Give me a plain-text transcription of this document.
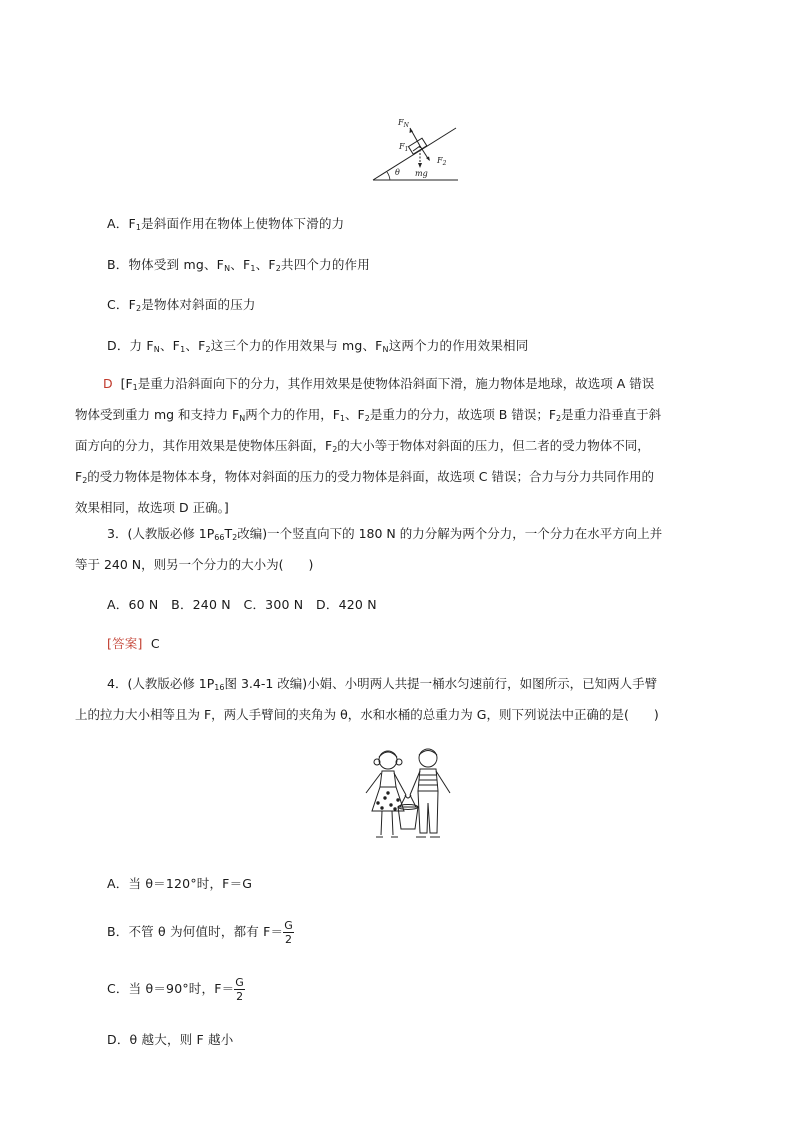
$F_N$
$F_1$
$F_2$
mg
θ
A．$F_1$是斜面作用在物体上使物体下滑的力
B．物体受到 mg、$F_N$、$F_1$、$F_2$共四个力的作用
C．$F_2$是物体对斜面的压力
D．力 $F_N$、$F_1$、$F_2$这三个力的作用效果与 mg、$F_N$这两个力的作用效果相同
D [$F_1$是重力沿斜面向下的分力，其作用效果是使物体沿斜面下滑，施力物体是地球，故选项 A 错误
物体受到重力 mg 和支持力 $F_N$两个力的作用，$F_1$、$F_2$是重力的分力，故选项 B 错误；$F_2$是重力沿垂直于斜
面方向的分力，其作用效果是使物体压斜面，$F_2$的大小等于物体对斜面的压力，但二者的受力物体不同，
$F_2$的受力物体是物体本身，物体对斜面的压力的受力物体是斜面，故选项 C 错误；合力与分力共同作用的
效果相同，故选项 D 正确。]
3．(人教版必修 $1P_{66}T_2$改编)一个竖直向下的 180 N 的力分解为两个分力，一个分力在水平方向上并
等于 240 N，则另一个分力的大小为(　　)
A．60 N　B．240 N　C．300 N　D．420 N
[答案] C
4．(人教版必修 $1P_{16}$图 3.4-1 改编)小娟、小明两人共提一桶水匀速前行，如图所示，已知两人手臂
上的拉力大小相等且为 F，两人手臂间的夹角为 θ，水和水桶的总重力为 G，则下列说法中正确的是(　　)
A．当 θ＝120°时，F＝G
B．不管 θ 为何值时，都有 $F= \frac{G}{2}$
C．当 θ＝90°时，$F= \frac{G}{2}$
D．θ 越大，则 F 越小
